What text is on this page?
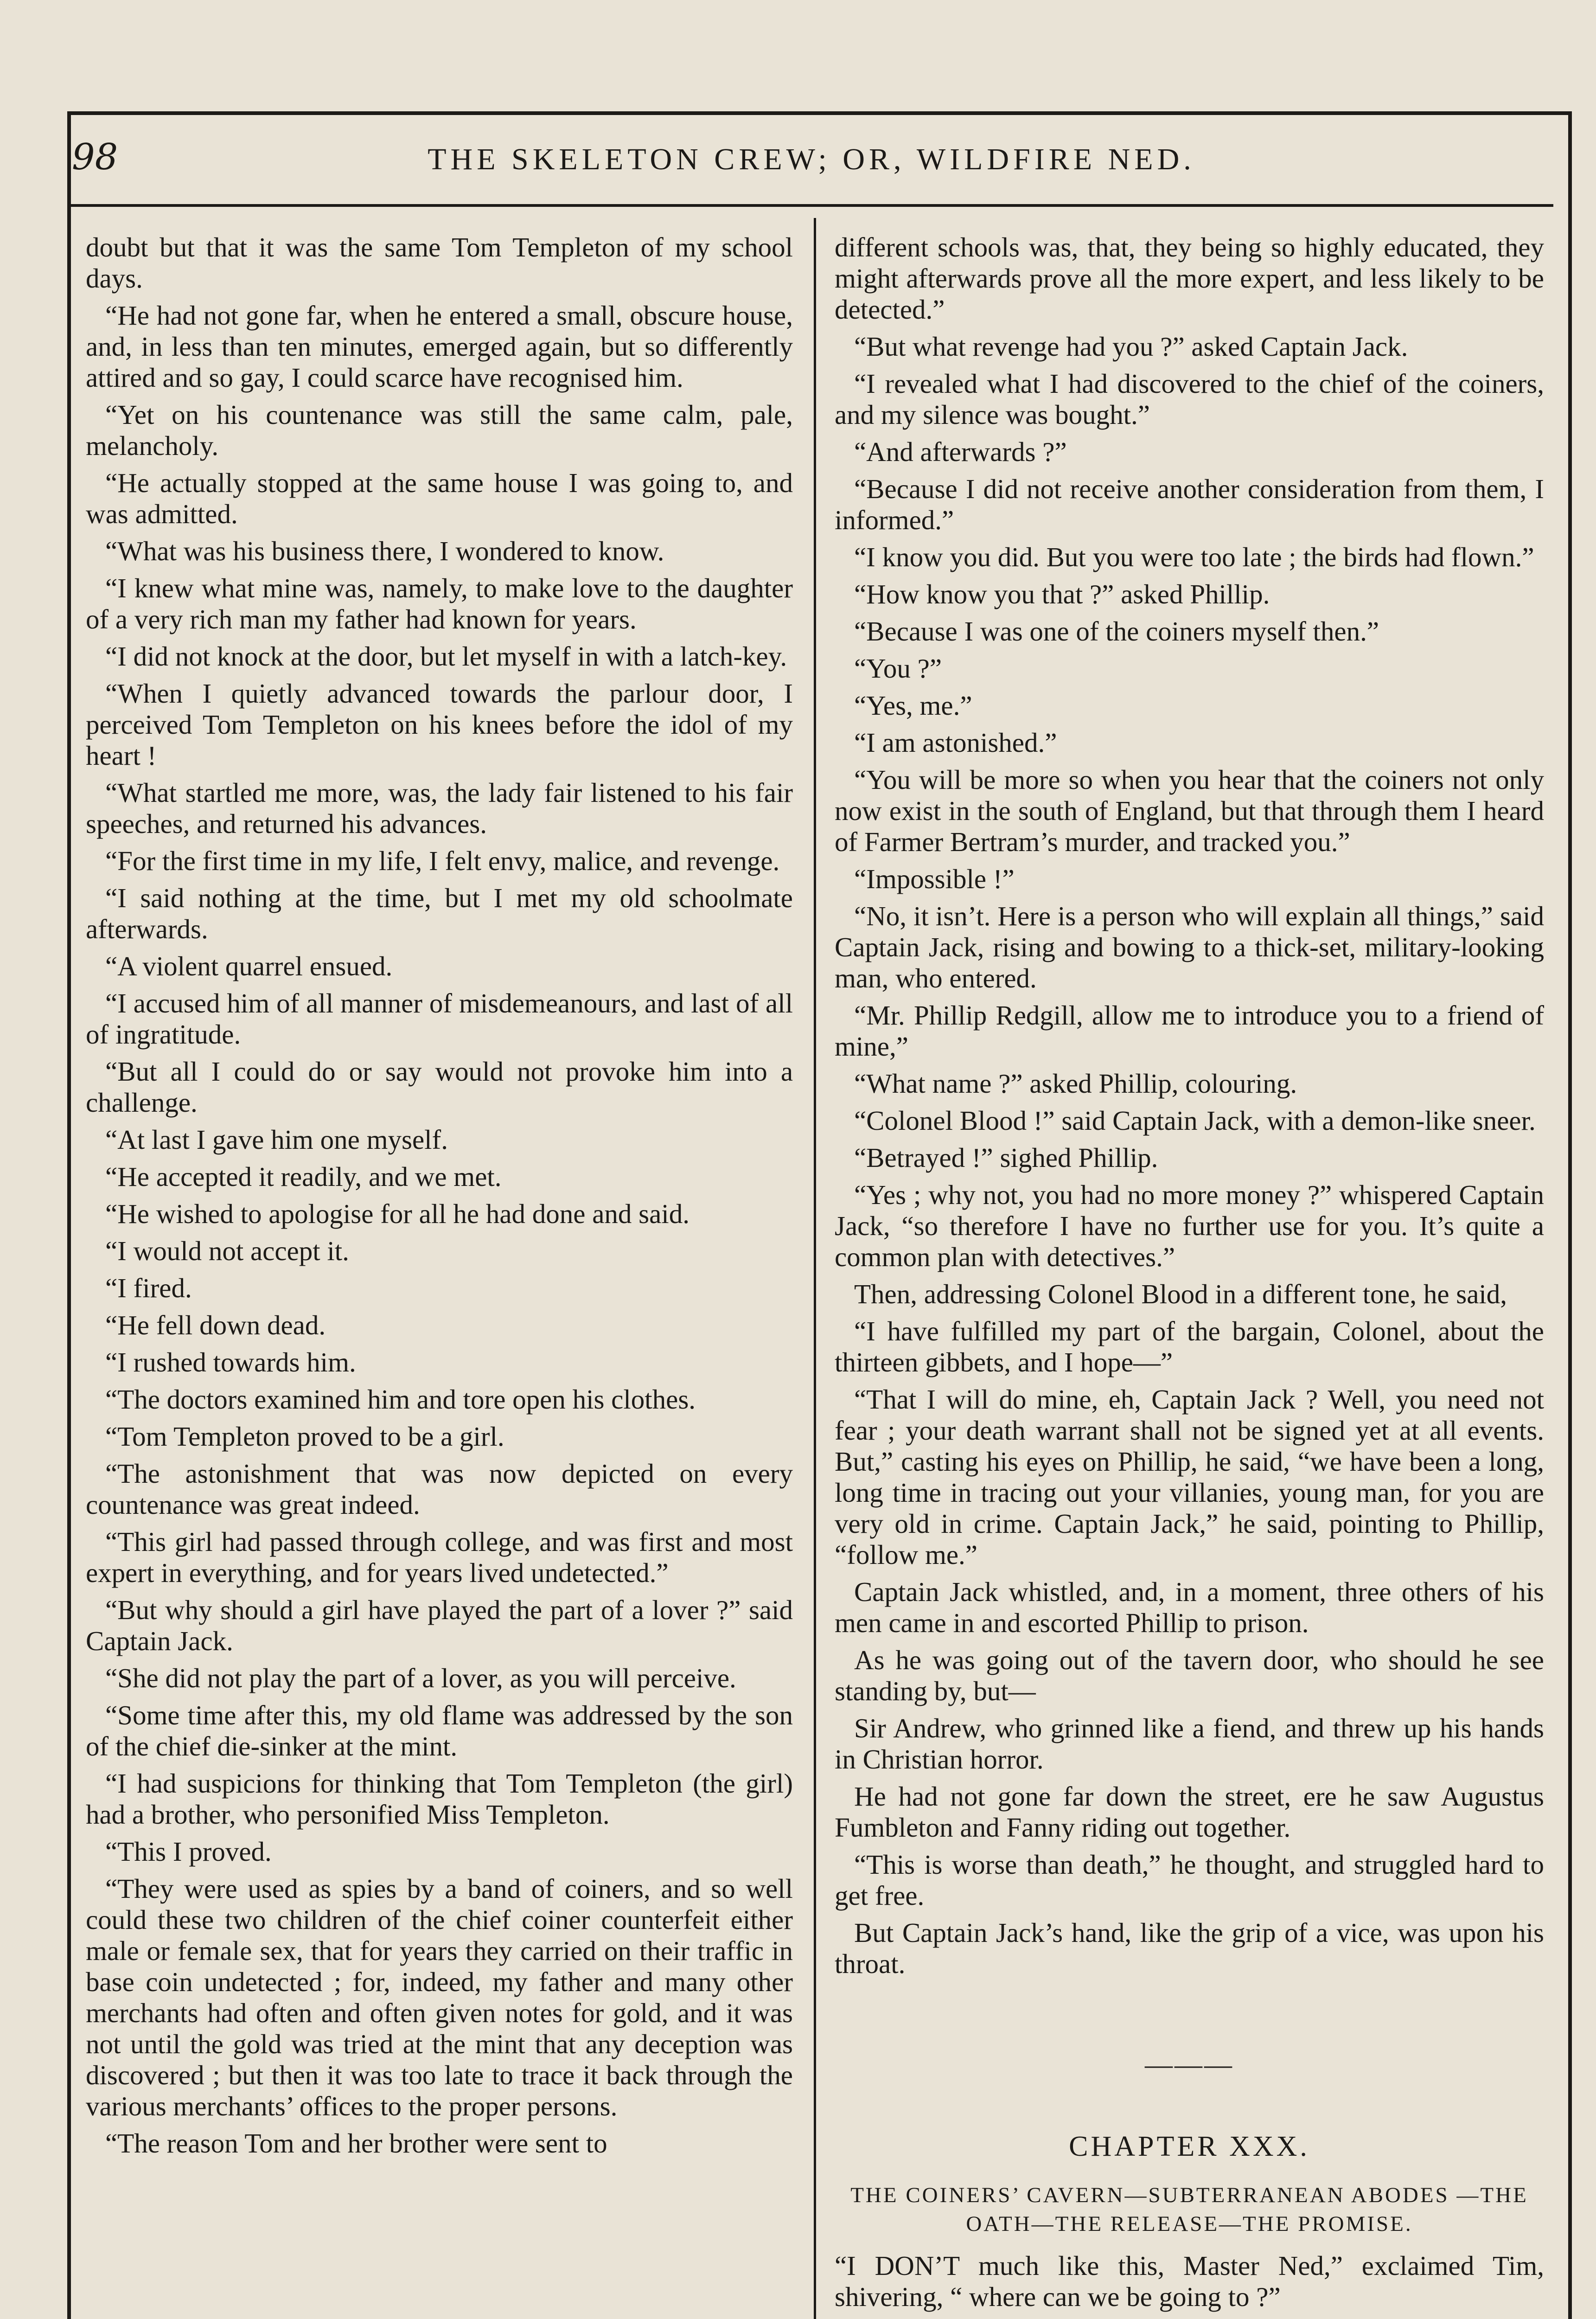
98	THE SKELETON CREW; OR, WILDFIRE NED.

doubt but that it was the same Tom Templeton of my school days.

“He had not gone far, when he entered a small, obscure house, and, in less than ten minutes, emerged again, but so differently attired and so gay, I could scarce have recognised him.

“Yet on his countenance was still the same calm, pale, melancholy.

“He actually stopped at the same house I was going to, and was admitted.

“What was his business there, I wondered to know.

“I knew what mine was, namely, to make love to the daughter of a very rich man my father had known for years.

“I did not knock at the door, but let myself in with a latch-key.

“When I quietly advanced towards the parlour door, I perceived Tom Templeton on his knees before the idol of my heart !

“What startled me more, was, the lady fair listened to his fair speeches, and returned his advances.

“For the first time in my life, I felt envy, malice, and revenge.

“I said nothing at the time, but I met my old schoolmate afterwards.

“A violent quarrel ensued.

“I accused him of all manner of misdemeanours, and last of all of ingratitude.

“But all I could do or say would not provoke him into a challenge.

“At last I gave him one myself.

“He accepted it readily, and we met.

“He wished to apologise for all he had done and said.

“I would not accept it.

“I fired.

“He fell down dead.

“I rushed towards him.

“The doctors examined him and tore open his clothes.

“Tom Templeton proved to be a girl.

“The astonishment that was now depicted on every countenance was great indeed.

“This girl had passed through college, and was first and most expert in everything, and for years lived undetected.”

“But why should a girl have played the part of a lover ?” said Captain Jack.

“She did not play the part of a lover, as you will perceive.

“Some time after this, my old flame was addressed by the son of the chief die-sinker at the mint.

“I had suspicions for thinking that Tom Templeton (the girl) had a brother, who personified Miss Templeton.

“This I proved.

“They were used as spies by a band of coiners, and so well could these two children of the chief coiner counterfeit either male or female sex, that for years they carried on their traffic in base coin undetected ; for, indeed, my father and many other merchants had often and often given notes for gold, and it was not until the gold was tried at the mint that any deception was discovered ; but then it was too late to trace it back through the various merchants’ offices to the proper persons.

“The reason Tom and her brother were sent to

different schools was, that, they being so highly educated, they might afterwards prove all the more expert, and less likely to be detected.”

“But what revenge had you ?” asked Captain Jack.

“I revealed what I had discovered to the chief of the coiners, and my silence was bought.”

“And afterwards ?”

“Because I did not receive another consideration from them, I informed.”

“I know you did. But you were too late ; the birds had flown.”

“How know you that ?” asked Phillip.

“Because I was one of the coiners myself then.”

“You ?”

“Yes, me.”

“I am astonished.”

“You will be more so when you hear that the coiners not only now exist in the south of England, but that through them I heard of Farmer Bertram’s murder, and tracked you.”

“Impossible !”

“No, it isn’t. Here is a person who will explain all things,” said Captain Jack, rising and bowing to a thick-set, military-looking man, who entered.

“Mr. Phillip Redgill, allow me to introduce you to a friend of mine,”

“What name ?” asked Phillip, colouring.

“Colonel Blood !” said Captain Jack, with a demon-like sneer.

“Betrayed !” sighed Phillip.

“Yes ; why not, you had no more money ?” whispered Captain Jack, “so therefore I have no further use for you. It’s quite a common plan with detectives.”

Then, addressing Colonel Blood in a different tone, he said,

“I have fulfilled my part of the bargain, Colonel, about the thirteen gibbets, and I hope—”

“That I will do mine, eh, Captain Jack ? Well, you need not fear ; your death warrant shall not be signed yet at all events. But,” casting his eyes on Phillip, he said, “we have been a long, long time in tracing out your villanies, young man, for you are very old in crime. Captain Jack,” he said, pointing to Phillip, “follow me.”

Captain Jack whistled, and, in a moment, three others of his men came in and escorted Phillip to prison.

As he was going out of the tavern door, who should he see standing by, but—

Sir Andrew, who grinned like a fiend, and threw up his hands in Christian horror.

He had not gone far down the street, ere he saw Augustus Fumbleton and Fanny riding out together.

“This is worse than death,” he thought, and struggled hard to get free.

But Captain Jack’s hand, like the grip of a vice, was upon his throat.

———
CHAPTER XXX.
THE COINERS’ CAVERN—SUBTERRANEAN ABODES —THE OATH—THE RELEASE—THE PROMISE.

“I DON’T much like this, Master Ned,” exclaimed Tim, shivering, “ where can we be going to ?”
